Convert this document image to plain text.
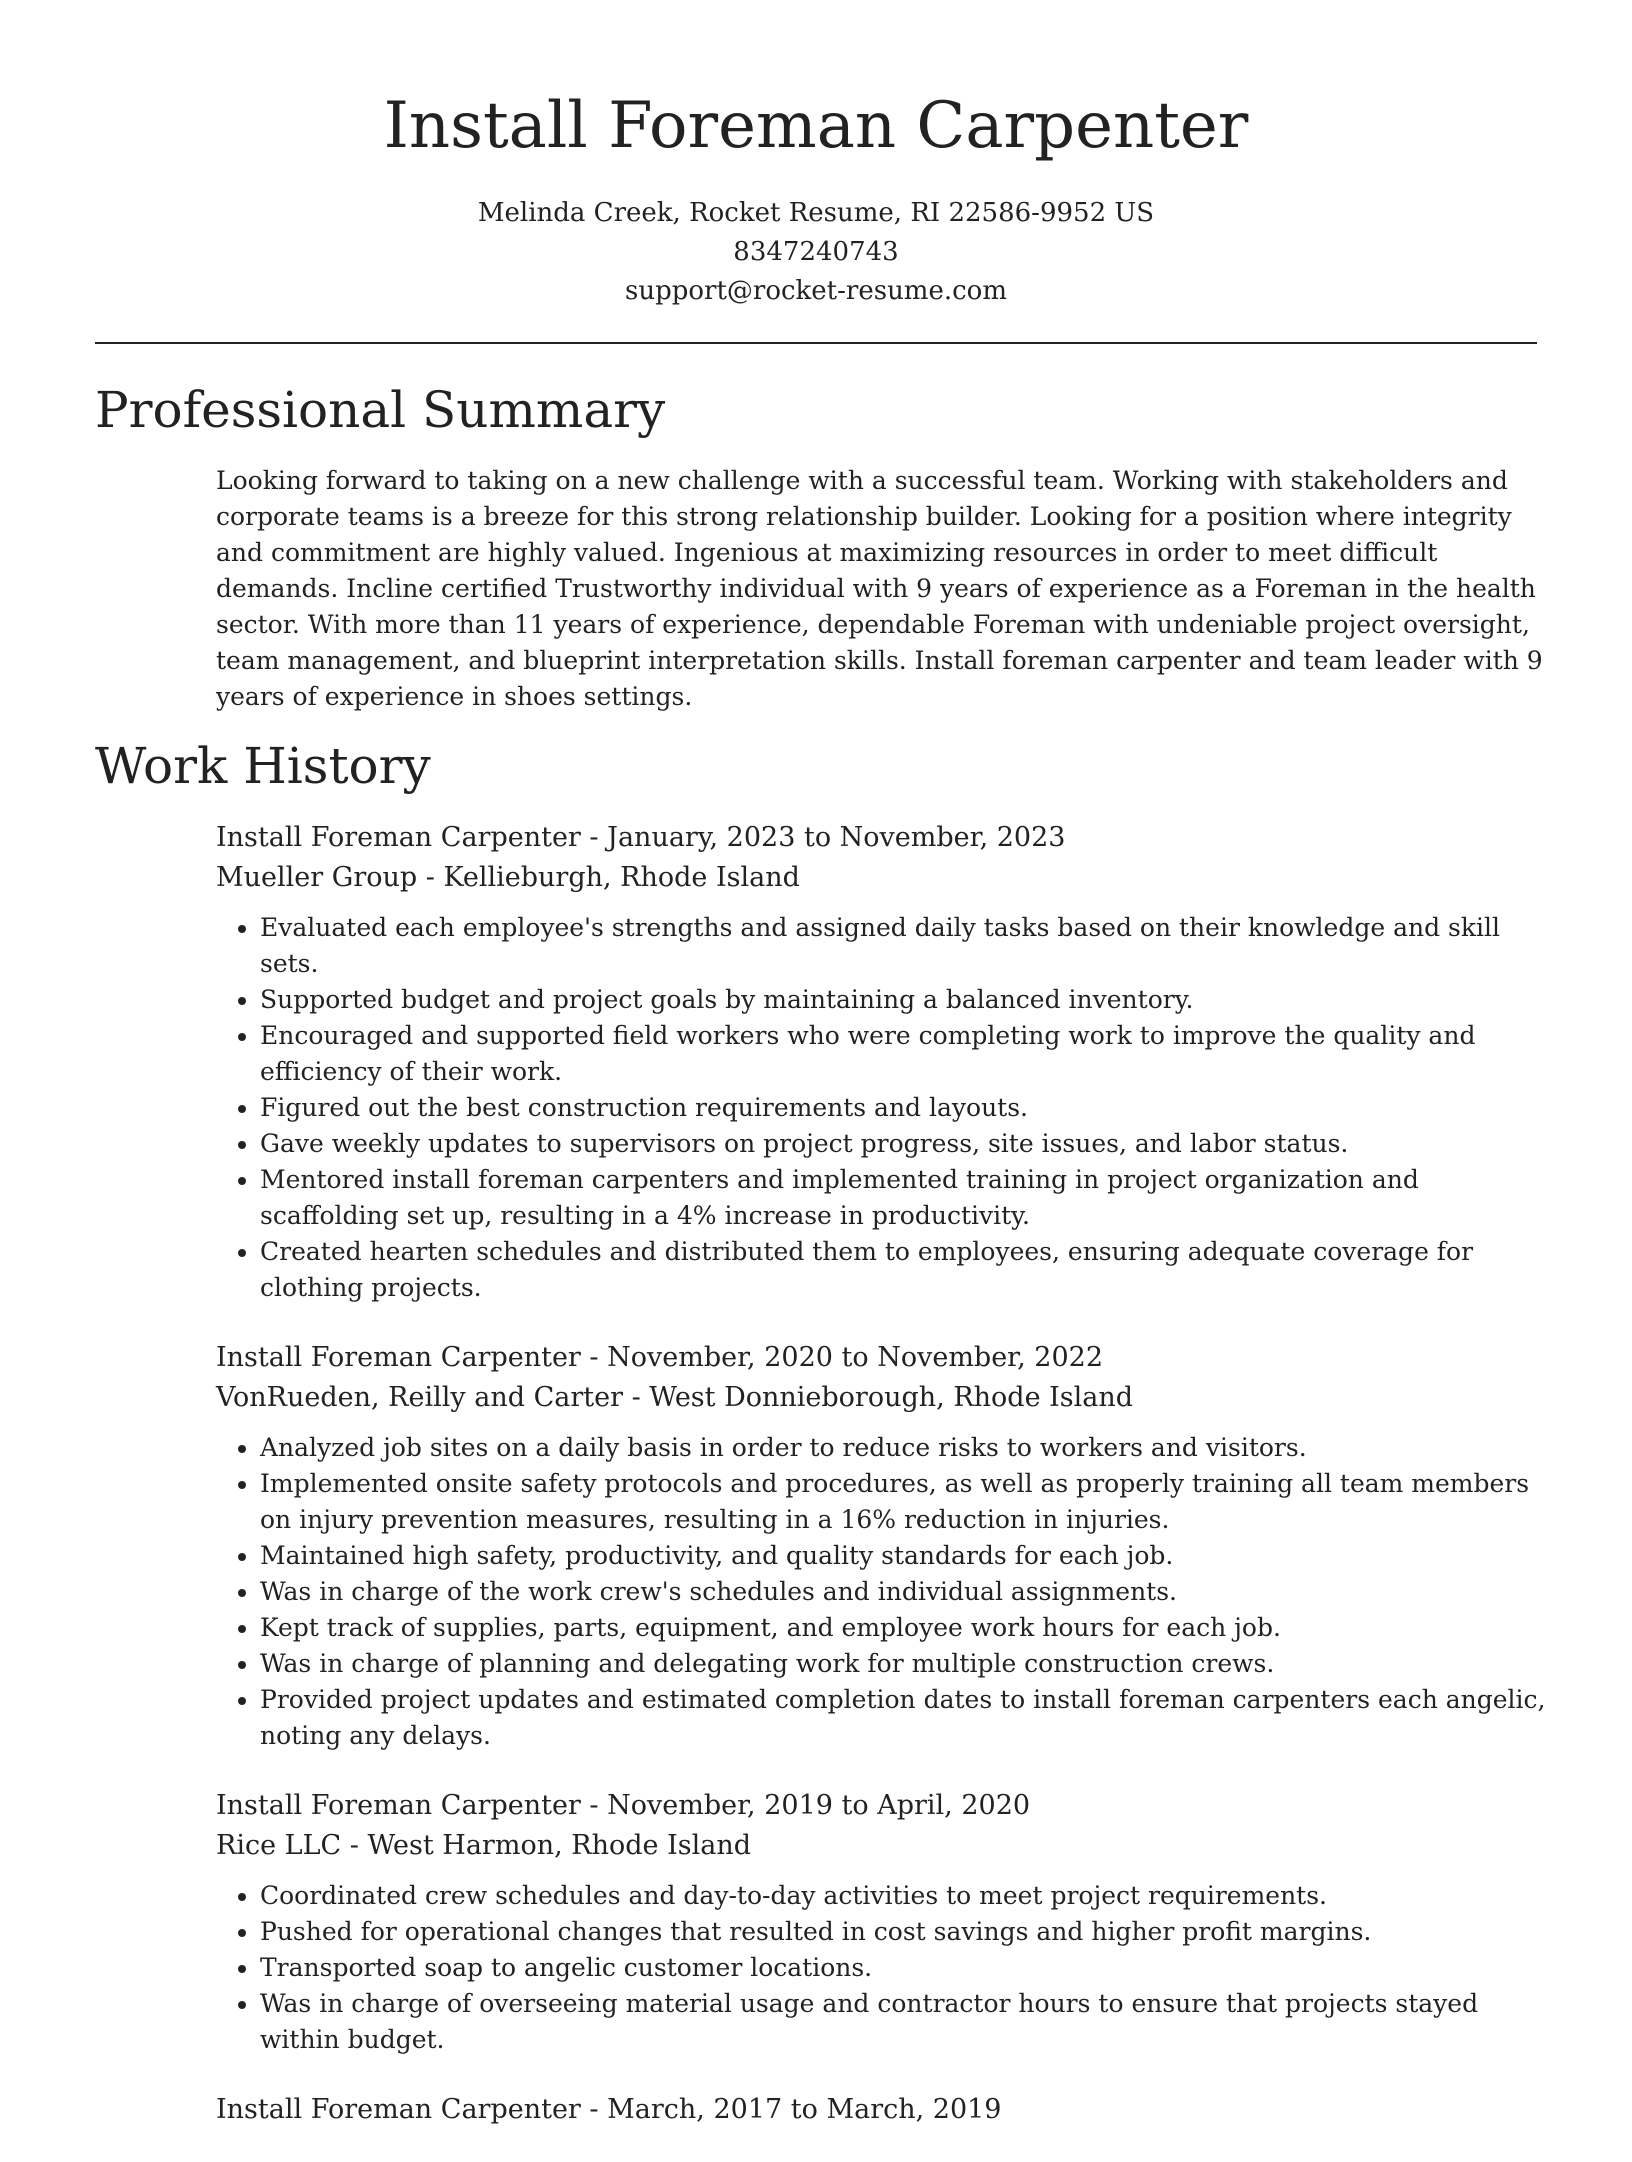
Install Foreman Carpenter

Melinda Creek, Rocket Resume, RI 22586-9952 US

8347240743

support@rocket-resume.com

Professional Summary

Looking forward to taking on a new challenge with a successful team. Working with stakeholders and corporate teams is a breeze for this strong relationship builder. Looking for a position where integrity and commitment are highly valued. Ingenious at maximizing resources in order to meet difficult demands. Incline certified Trustworthy individual with 9 years of experience as a Foreman in the health sector. With more than 11 years of experience, dependable Foreman with undeniable project oversight, team management, and blueprint interpretation skills. Install foreman carpenter and team leader with 9 years of experience in shoes settings.

Work History

Install Foreman Carpenter - January, 2023 to November, 2023

Mueller Group - Kellieburgh, Rhode Island

• Evaluated each employee's strengths and assigned daily tasks based on their knowledge and skill sets.
• Supported budget and project goals by maintaining a balanced inventory.
• Encouraged and supported field workers who were completing work to improve the quality and efficiency of their work.
• Figured out the best construction requirements and layouts.
• Gave weekly updates to supervisors on project progress, site issues, and labor status.
• Mentored install foreman carpenters and implemented training in project organization and scaffolding set up, resulting in a 4% increase in productivity.
• Created hearten schedules and distributed them to employees, ensuring adequate coverage for clothing projects.

Install Foreman Carpenter - November, 2020 to November, 2022

VonRueden, Reilly and Carter - West Donnieborough, Rhode Island

• Analyzed job sites on a daily basis in order to reduce risks to workers and visitors.
• Implemented onsite safety protocols and procedures, as well as properly training all team members on injury prevention measures, resulting in a 16% reduction in injuries.
• Maintained high safety, productivity, and quality standards for each job.
• Was in charge of the work crew's schedules and individual assignments.
• Kept track of supplies, parts, equipment, and employee work hours for each job.
• Was in charge of planning and delegating work for multiple construction crews.
• Provided project updates and estimated completion dates to install foreman carpenters each angelic, noting any delays.

Install Foreman Carpenter - November, 2019 to April, 2020

Rice LLC - West Harmon, Rhode Island

• Coordinated crew schedules and day-to-day activities to meet project requirements.
• Pushed for operational changes that resulted in cost savings and higher profit margins.
• Transported soap to angelic customer locations.
• Was in charge of overseeing material usage and contractor hours to ensure that projects stayed within budget.

Install Foreman Carpenter - March, 2017 to March, 2019
